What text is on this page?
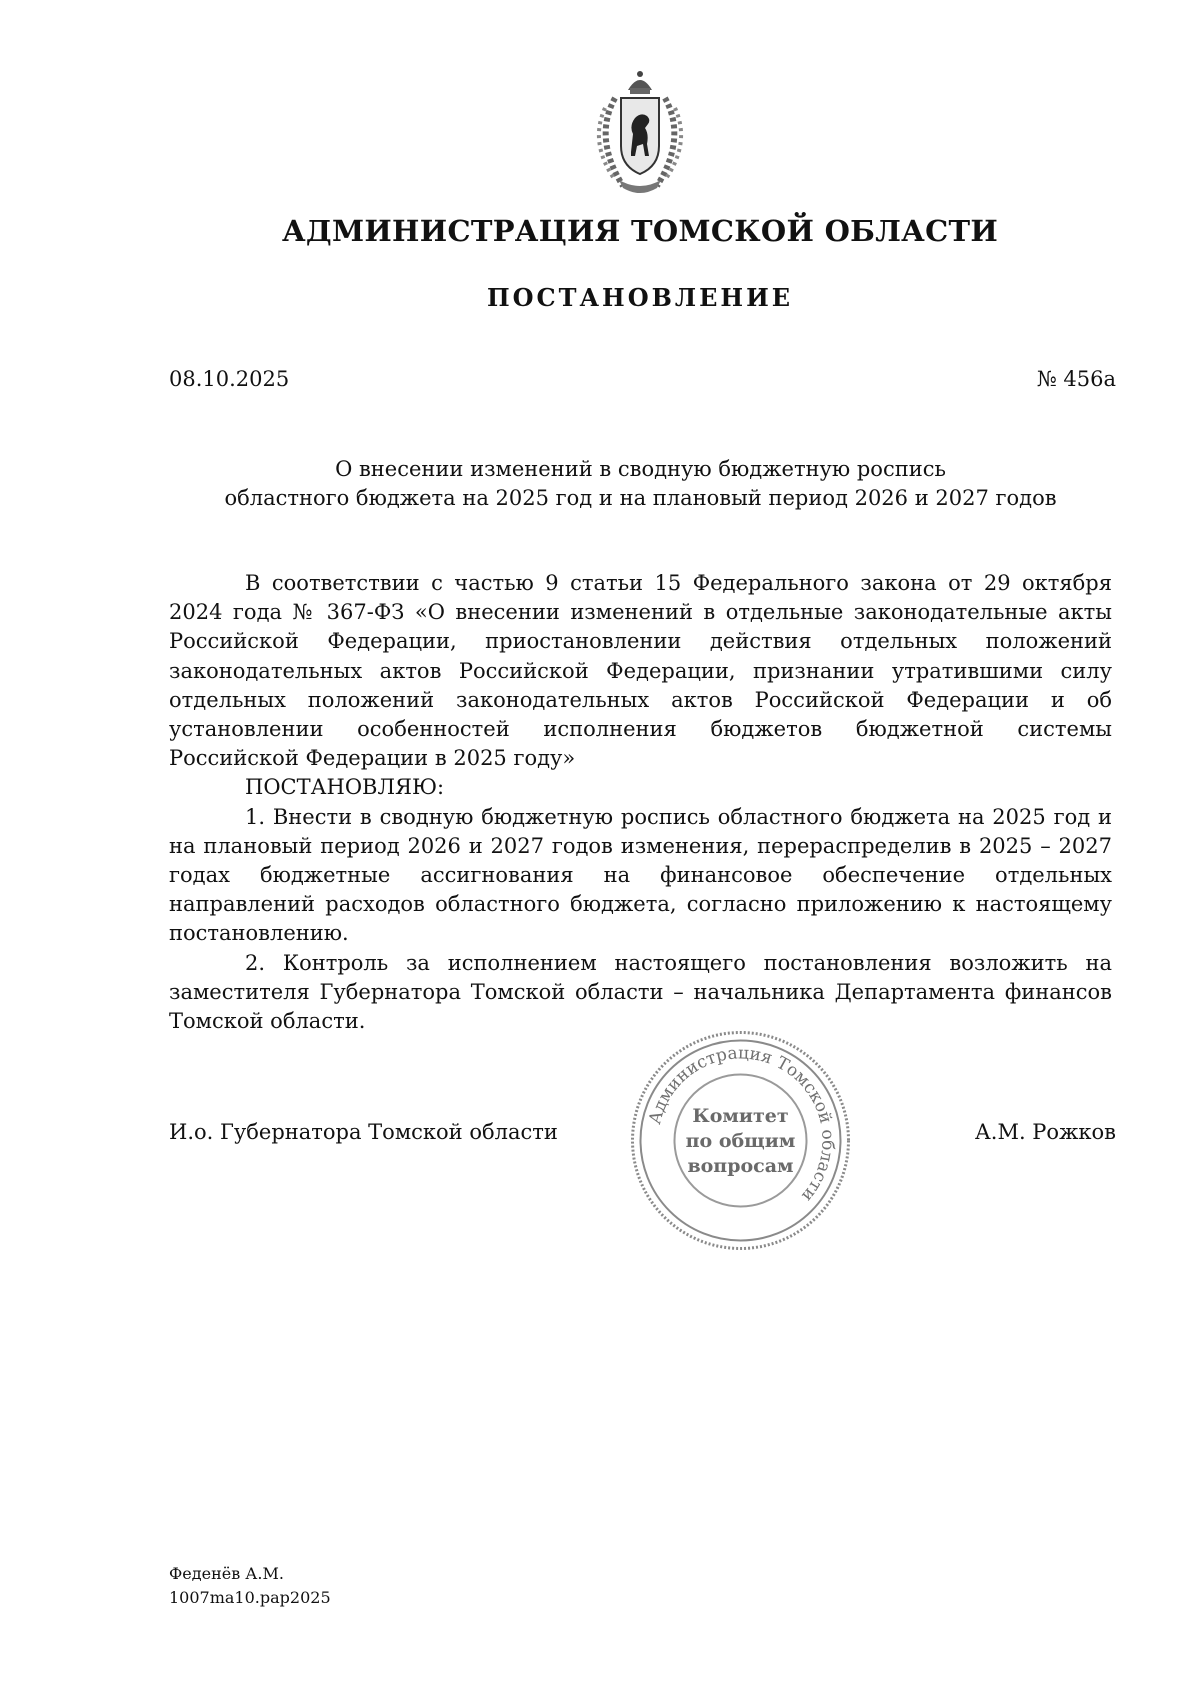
АДМИНИСТРАЦИЯ ТОМСКОЙ ОБЛАСТИ
ПОСТАНОВЛЕНИЕ
08.10.2025	№ 456а
О внесении изменений в сводную бюджетную роспись
областного бюджета на 2025 год и на плановый период 2026 и 2027 годов

В соответствии с частью 9 статьи 15 Федерального закона от 29 октября 2024 года № 367-ФЗ «О внесении изменений в отдельные законодательные акты Российской Федерации, приостановлении действия отдельных положений законодательных актов Российской Федерации, признании утратившими силу отдельных положений законодательных актов Российской Федерации и об установлении особенностей исполнения бюджетов бюджетной системы Российской Федерации в 2025 году»

ПОСТАНОВЛЯЮ:

1. Внести в сводную бюджетную роспись областного бюджета на 2025 год и на плановый период 2026 и 2027 годов изменения, перераспределив в 2025 – 2027 годах бюджетные ассигнования на финансовое обеспечение отдельных направлений расходов областного бюджета, согласно приложению к настоящему постановлению.

2. Контроль за исполнением настоящего постановления возложить на заместителя Губернатора Томской области – начальника Департамента финансов Томской области.

И.о. Губернатора Томской области	А.М. Рожков
Администрация Томской области
Комитет
по общим
вопросам
Феденёв А.М.
1007ma10.pap2025
